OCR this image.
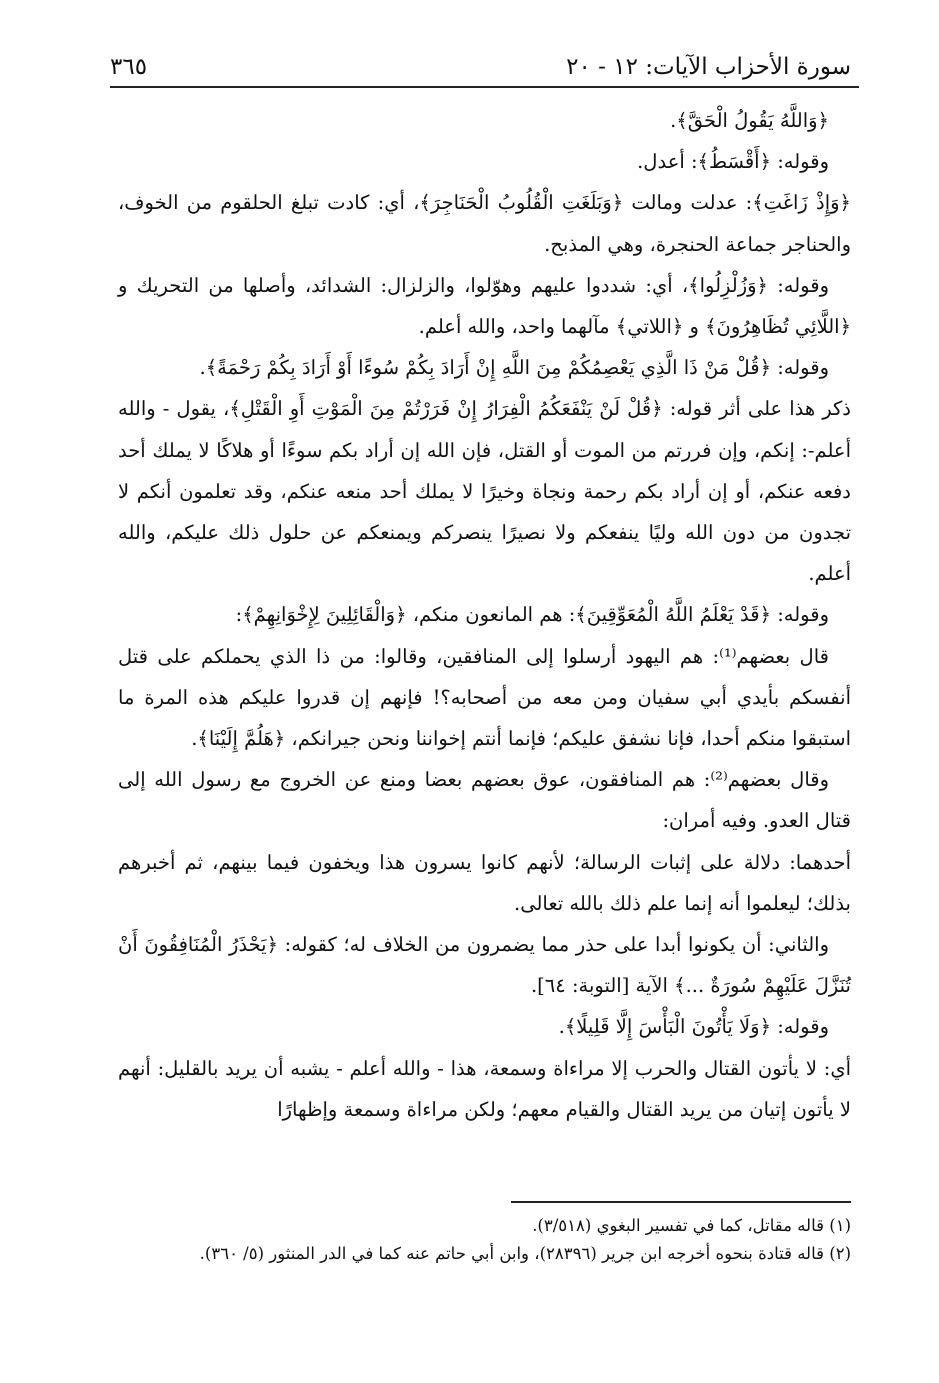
سورة الأحزاب الآيات: ١٢ - ٢٠
٣٦٥

﴿وَاللَّهُ يَقُولُ الْحَقَّ﴾.

وقوله: ﴿أَقْسَطُ﴾: أعدل.

﴿وَإِذْ زَاغَتِ﴾: عدلت ومالت ﴿وَبَلَغَتِ الْقُلُوبُ الْحَنَاجِرَ﴾، أي: كادت تبلغ الحلقوم من الخوف، والحناجر جماعة الحنجرة، وهي المذبح.

وقوله: ﴿وَزُلْزِلُوا﴾، أي: شددوا عليهم وهوّلوا، والزلزال: الشدائد، وأصلها من التحريك و ﴿اللَّائِي تُظَاهِرُونَ﴾ و ﴿اللاتي﴾ مآلهما واحد، والله أعلم.

وقوله: ﴿قُلْ مَنْ ذَا الَّذِي يَعْصِمُكُمْ مِنَ اللَّهِ إِنْ أَرَادَ بِكُمْ سُوءًا أَوْ أَرَادَ بِكُمْ رَحْمَةً﴾.

ذكر هذا على أثر قوله: ﴿قُلْ لَنْ يَنْفَعَكُمُ الْفِرَارُ إِنْ فَرَرْتُمْ مِنَ الْمَوْتِ أَوِ الْقَتْلِ﴾، يقول - والله أعلم-: إنكم، وإن فررتم من الموت أو القتل، فإن الله إن أراد بكم سوءًا أو هلاكًا لا يملك أحد دفعه عنكم، أو إن أراد بكم رحمة ونجاة وخيرًا لا يملك أحد منعه عنكم، وقد تعلمون أنكم لا تجدون من دون الله وليًا ينفعكم ولا نصيرًا ينصركم ويمنعكم عن حلول ذلك عليكم، والله أعلم.

وقوله: ﴿قَدْ يَعْلَمُ اللَّهُ الْمُعَوِّقِينَ﴾: هم المانعون منكم، ﴿وَالْقَائِلِينَ لِإِخْوَانِهِمْ﴾:

قال بعضهم⁽¹⁾: هم اليهود أرسلوا إلى المنافقين، وقالوا: من ذا الذي يحملكم على قتل أنفسكم بأيدي أبي سفيان ومن معه من أصحابه؟! فإنهم إن قدروا عليكم هذه المرة ما استبقوا منكم أحدا، فإنا نشفق عليكم؛ فإنما أنتم إخواننا ونحن جيرانكم، ﴿هَلُمَّ إِلَيْنَا﴾.

وقال بعضهم⁽²⁾: هم المنافقون، عوق بعضهم بعضا ومنع عن الخروج مع رسول الله إلى قتال العدو. وفيه أمران:

أحدهما: دلالة على إثبات الرسالة؛ لأنهم كانوا يسرون هذا ويخفون فيما بينهم، ثم أخبرهم بذلك؛ ليعلموا أنه إنما علم ذلك بالله تعالى.

والثاني: أن يكونوا أبدا على حذر مما يضمرون من الخلاف له؛ كقوله: ﴿يَحْذَرُ الْمُنَافِقُونَ أَنْ تُنَزَّلَ عَلَيْهِمْ سُورَةٌ ...﴾ الآية [التوبة: ٦٤].

وقوله: ﴿وَلَا يَأْتُونَ الْبَأْسَ إِلَّا قَلِيلًا﴾.

أي: لا يأتون القتال والحرب إلا مراءاة وسمعة، هذا - والله أعلم - يشبه أن يريد بالقليل: أنهم لا يأتون إتيان من يريد القتال والقيام معهم؛ ولكن مراءاة وسمعة وإظهارًا

(١) قاله مقاتل، كما في تفسير البغوي (٣/٥١٨).

(٢) قاله قتادة بنحوه أخرجه ابن جرير (٢٨٣٩٦)، وابن أبي حاتم عنه كما في الدر المنثور (٥/ ٣٦٠).
